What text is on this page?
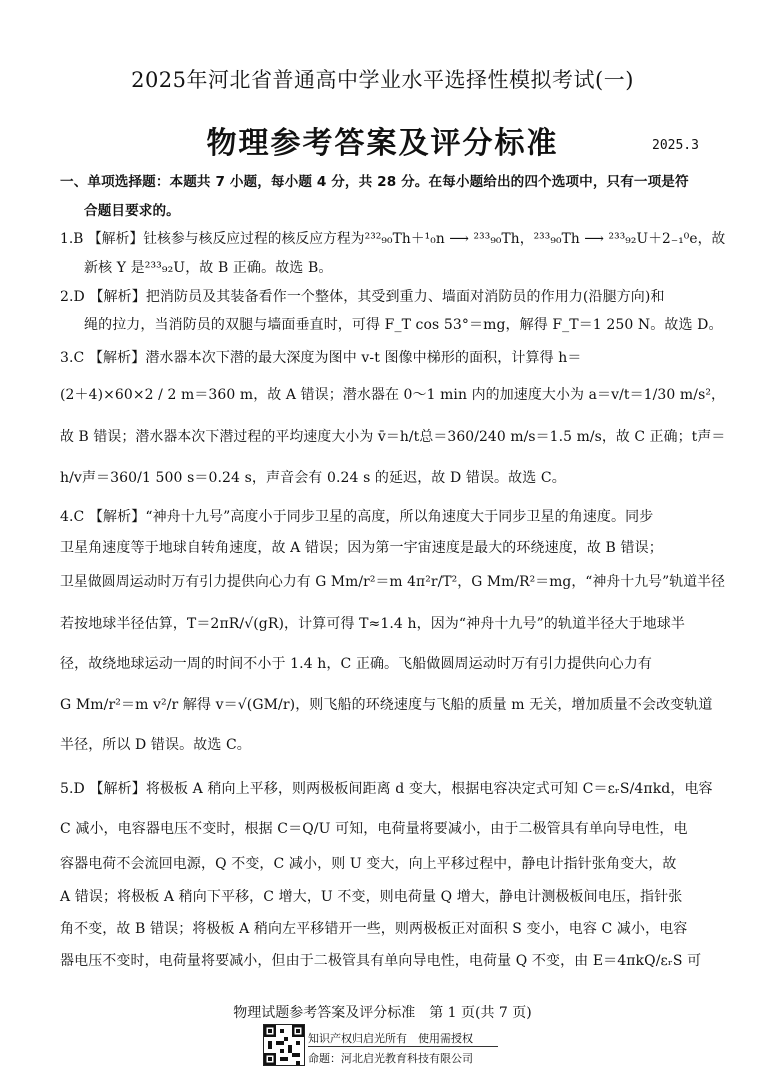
2025年河北省普通高中学业水平选择性模拟考试(一)
物理参考答案及评分标准	2025.3
一、单项选择题：本题共 7 小题，每小题 4 分，共 28 分。在每小题给出的四个选项中，只有一项是符
合题目要求的。
1.B 【解析】钍核参与核反应过程的核反应方程为²³²₉₀Th＋¹₀n ⟶ ²³³₉₀Th，²³³₉₀Th ⟶ ²³³₉₂U＋2₋₁⁰e，故
新核 Y 是²³³₉₂U，故 B 正确。故选 B。
2.D 【解析】把消防员及其装备看作一个整体，其受到重力、墙面对消防员的作用力(沿腿方向)和
绳的拉力，当消防员的双腿与墙面垂直时，可得 F_T cos 53°＝mg，解得 F_T＝1 250 N。故选 D。
3.C 【解析】潜水器本次下潜的最大深度为图中 v-t 图像中梯形的面积，计算得 h＝
(2＋4)×60×2 / 2 m＝360 m，故 A 错误；潜水器在 0～1 min 内的加速度大小为 a＝v/t＝1/30 m/s²，
故 B 错误；潜水器本次下潜过程的平均速度大小为 v̄＝h/t总＝360/240 m/s＝1.5 m/s，故 C 正确；t声＝
h/v声＝360/1 500 s＝0.24 s，声音会有 0.24 s 的延迟，故 D 错误。故选 C。
4.C 【解析】“神舟十九号”高度小于同步卫星的高度，所以角速度大于同步卫星的角速度。同步
卫星角速度等于地球自转角速度，故 A 错误；因为第一宇宙速度是最大的环绕速度，故 B 错误；
卫星做圆周运动时万有引力提供向心力有 G Mm/r²＝m 4π²r/T²，G Mm/R²＝mg，“神舟十九号”轨道半径
若按地球半径估算，T＝2πR/√(gR)，计算可得 T≈1.4 h，因为“神舟十九号”的轨道半径大于地球半
径，故绕地球运动一周的时间不小于 1.4 h，C 正确。飞船做圆周运动时万有引力提供向心力有
G Mm/r²＝m v²/r 解得 v＝√(GM/r)，则飞船的环绕速度与飞船的质量 m 无关，增加质量不会改变轨道
半径，所以 D 错误。故选 C。
5.D 【解析】将极板 A 稍向上平移，则两极板间距离 d 变大，根据电容决定式可知 C＝εᵣS/4πkd，电容
C 减小，电容器电压不变时，根据 C＝Q/U 可知，电荷量将要减小，由于二极管具有单向导电性，电
容器电荷不会流回电源，Q 不变，C 减小，则 U 变大，向上平移过程中，静电计指针张角变大，故
A 错误；将极板 A 稍向下平移，C 增大，U 不变，则电荷量 Q 增大，静电计测极板间电压，指针张
角不变，故 B 错误；将极板 A 稍向左平移错开一些，则两极板正对面积 S 变小，电容 C 减小，电容
器电压不变时，电荷量将要减小，但由于二极管具有单向导电性，电荷量 Q 不变，由 E＝4πkQ/εᵣS 可
物理试题参考答案及评分标准　第 1 页(共 7 页)
知识产权归启光所有　使用需授权
命题：河北启光教育科技有限公司
